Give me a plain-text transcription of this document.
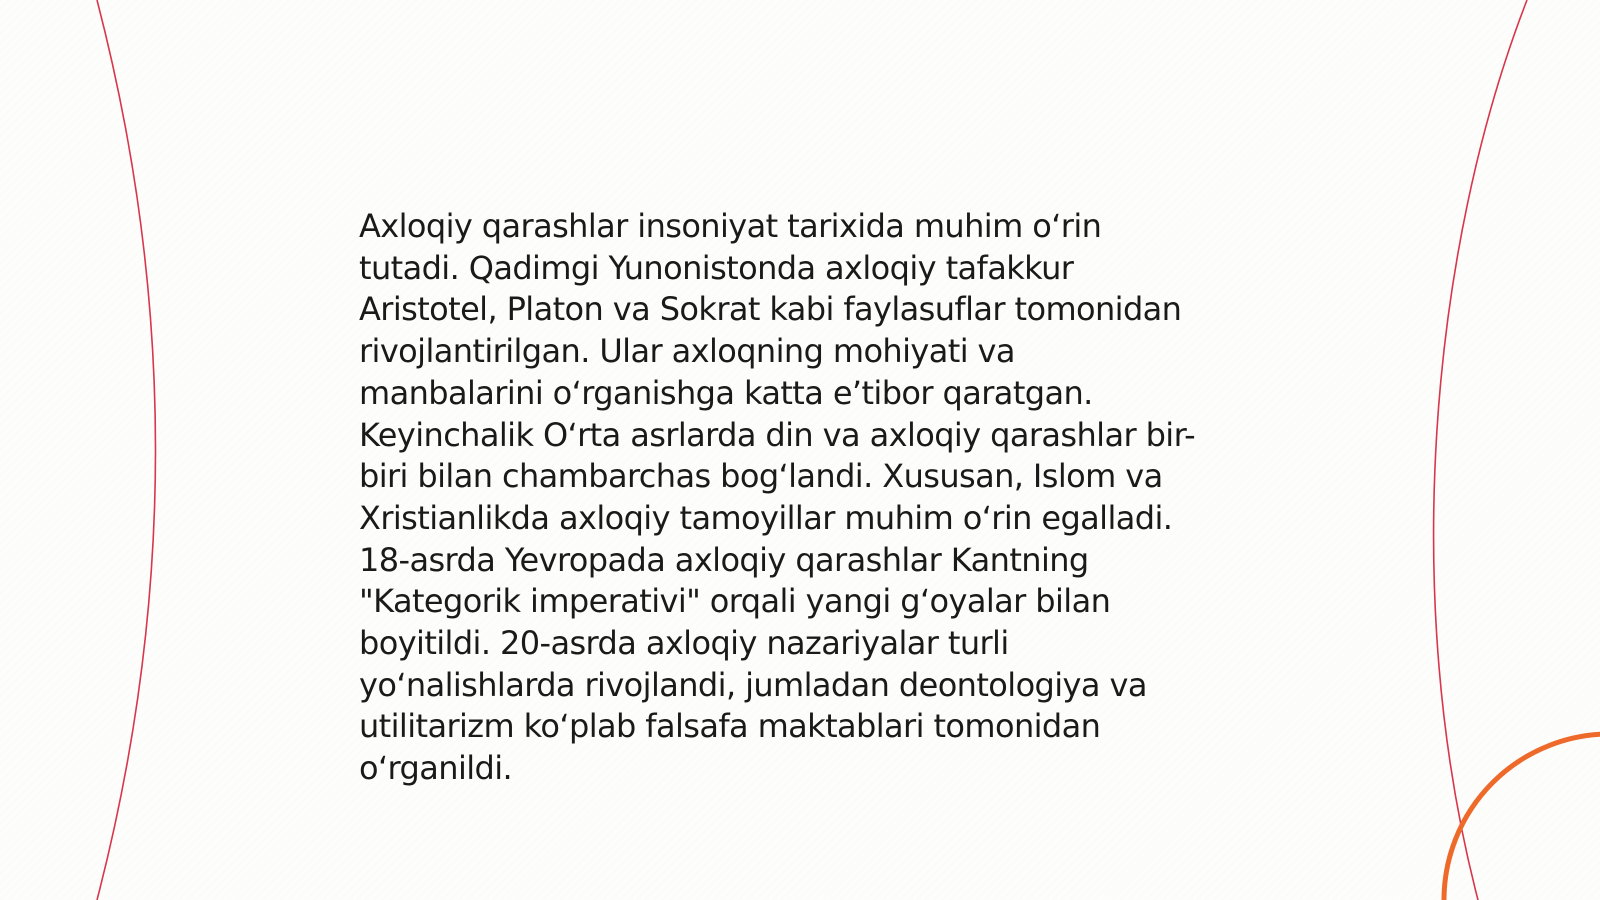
Axloqiy qarashlar insoniyat tarixida muhim o‘rin
tutadi. Qadimgi Yunonistonda axloqiy tafakkur
Aristotel, Platon va Sokrat kabi faylasuflar tomonidan
rivojlantirilgan. Ular axloqning mohiyati va
manbalarini o‘rganishga katta e’tibor qaratgan.
Keyinchalik O‘rta asrlarda din va axloqiy qarashlar bir-
biri bilan chambarchas bog‘landi. Xususan, Islom va
Xristianlikda axloqiy tamoyillar muhim o‘rin egalladi.
18-asrda Yevropada axloqiy qarashlar Kantning
"Kategorik imperativi" orqali yangi g‘oyalar bilan
boyitildi. 20-asrda axloqiy nazariyalar turli
yo‘nalishlarda rivojlandi, jumladan deontologiya va
utilitarizm ko‘plab falsafa maktablari tomonidan
o‘rganildi.
